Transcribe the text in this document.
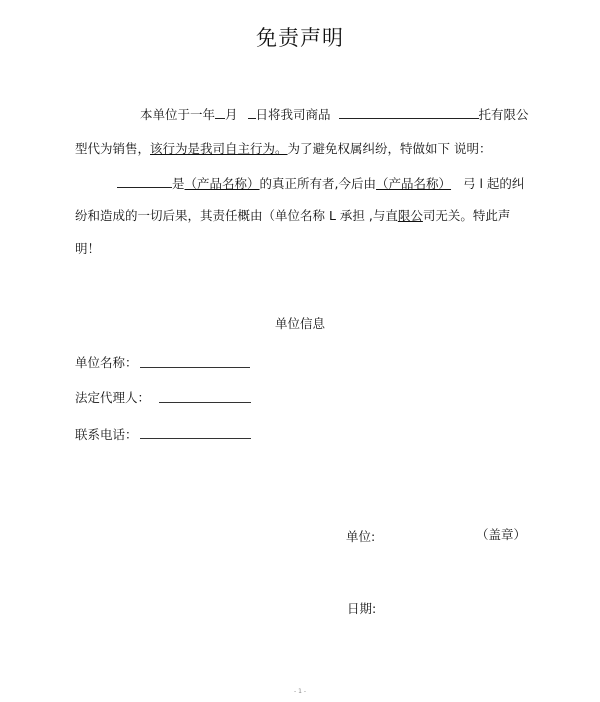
免责声明
本单位于一年 月 日将我司商品	托有限公
型代为销售，该行为是我司自主行为。为了避免权属纠纷，特做如下 说明：
是（产品名称）的真正所有者,今后由（产品名称） 弓 l 起的纠
纷和造成的一切后果，其责任概由（单位名称 L 承担 ,与直限公司无关。特此声
明！
单位信息
单位名称：
法定代理人：
联系电话：
单位:	（盖章）
日期:
- 1 -
